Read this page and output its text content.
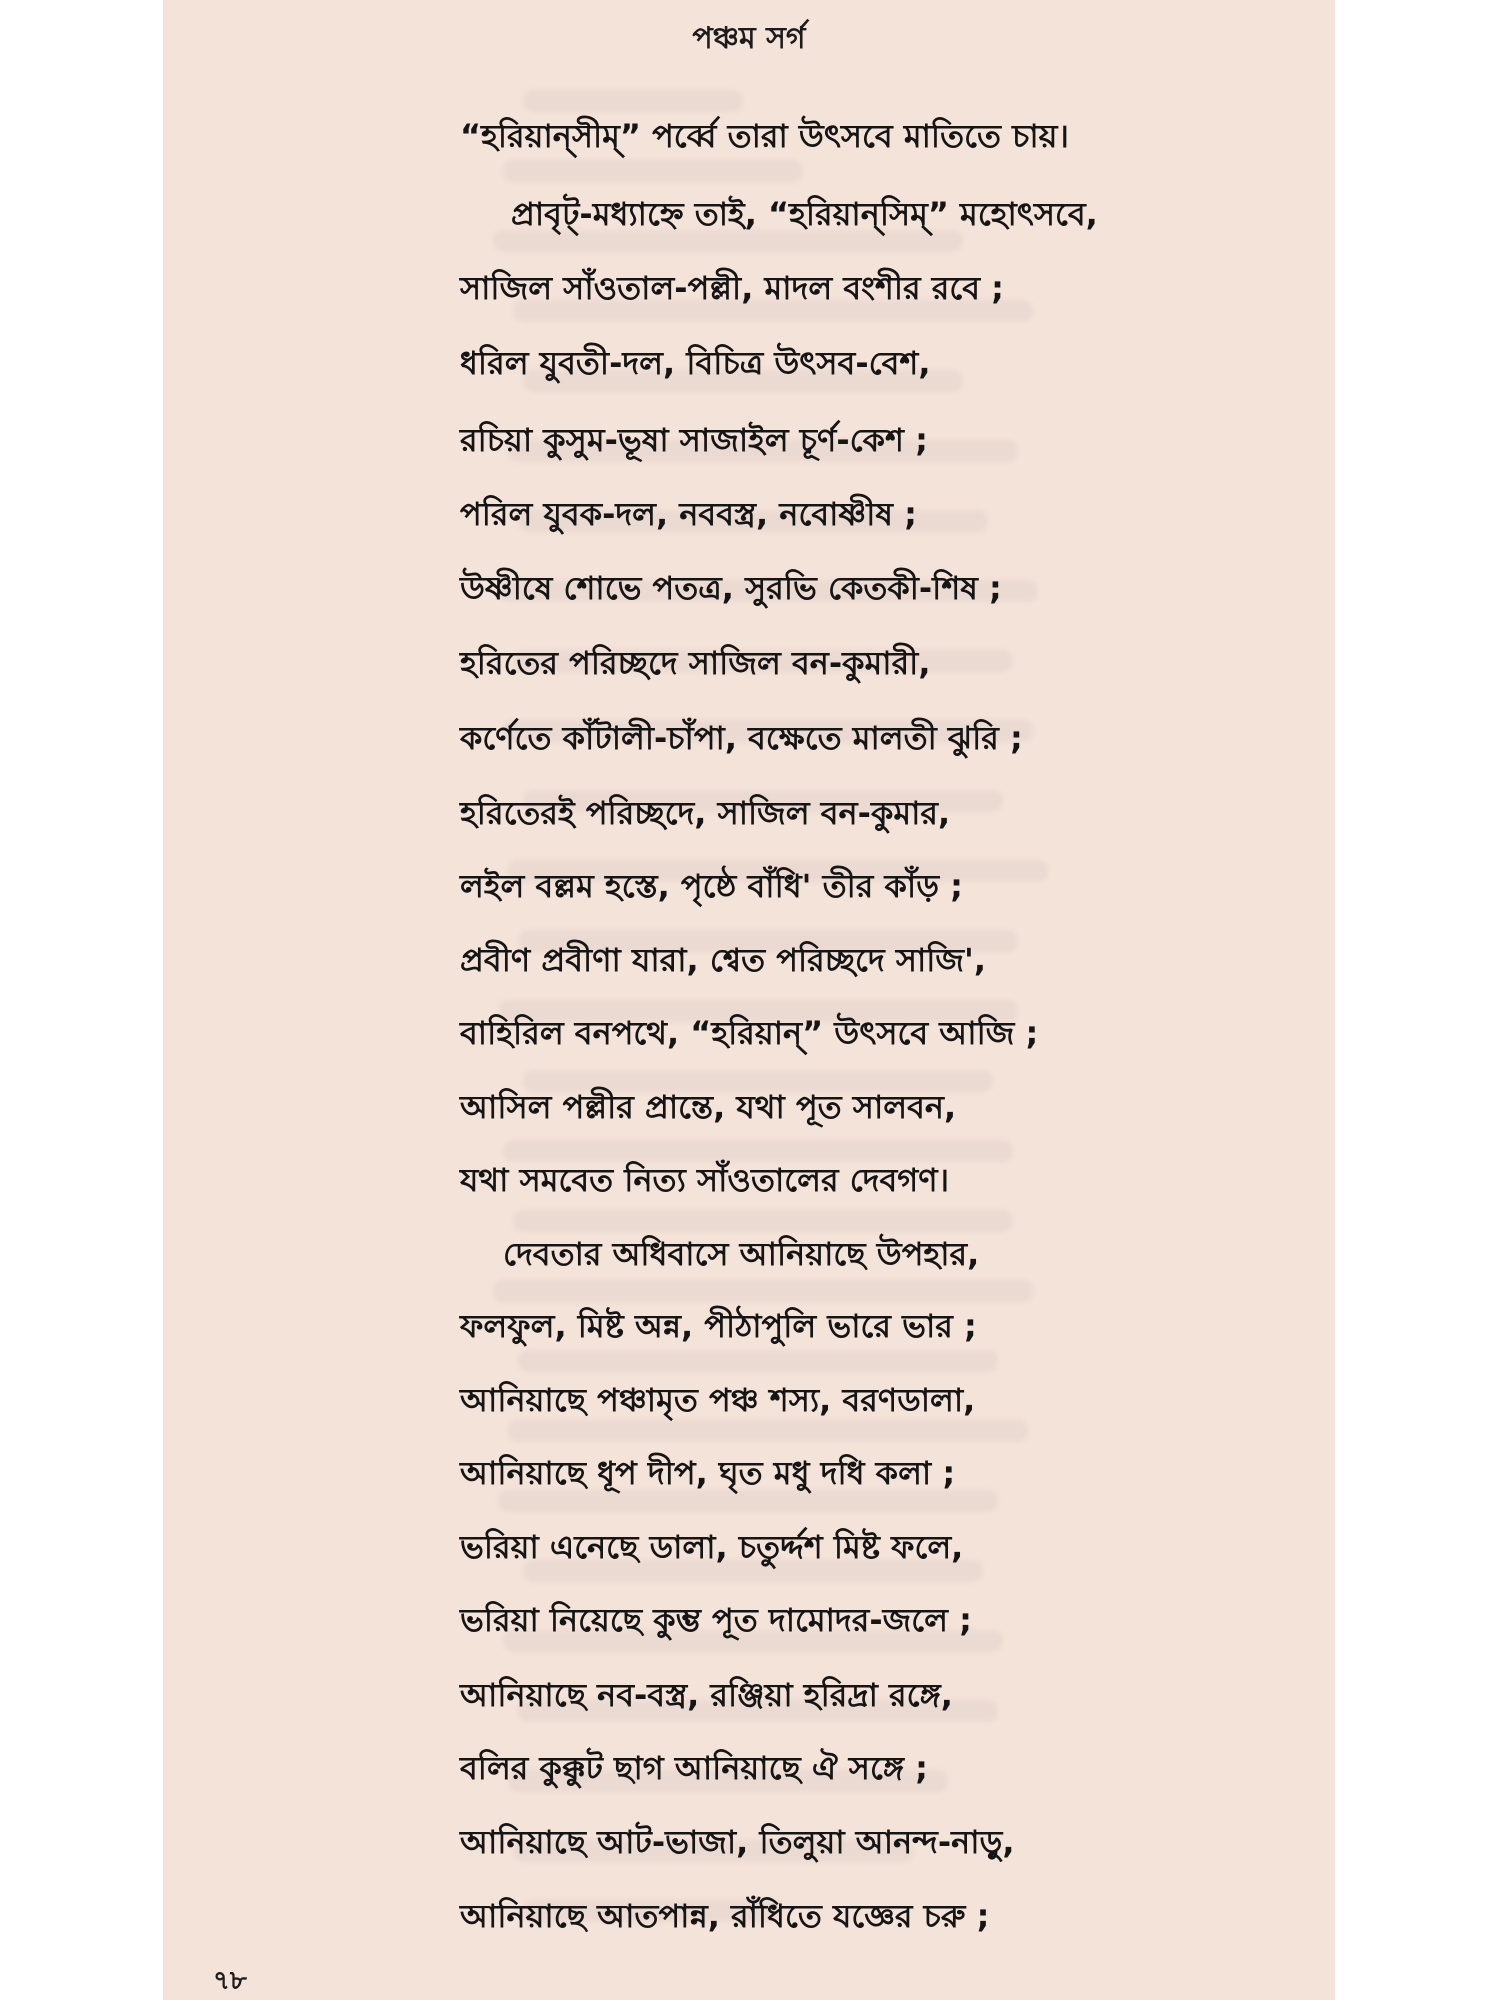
পঞ্চম সর্গ
“হরিয়ান্‌সীম্‌” পর্ব্বে তারা উৎসবে মাতিতে চায়।
প্রাবৃট্‌-মধ্যাহ্নে তাই, “হরিয়ান্‌সিম্‌” মহোৎসবে,
সাজিল সাঁওতাল-পল্লী, মাদল বংশীর রবে ;
ধরিল যুবতী-দল, বিচিত্র উৎসব-বেশ,
রচিয়া কুসুম-ভূষা সাজাইল চূর্ণ-কেশ ;
পরিল যুবক-দল, নববস্ত্র, নবোষ্ণীষ ;
উষ্ণীষে শোভে পতত্র, সুরভি কেতকী-শিষ ;
হরিতের পরিচ্ছদে সাজিল বন-কুমারী,
কর্ণেতে কাঁটালী-চাঁপা, বক্ষেতে মালতী ঝুরি ;
হরিতেরই পরিচ্ছদে, সাজিল বন-কুমার,
লইল বল্লম হস্তে, পৃষ্ঠে বাঁধি' তীর কাঁড় ;
প্রবীণ প্রবীণা যারা, শ্বেত পরিচ্ছদে সাজি',
বাহিরিল বনপথে, “হরিয়ান্‌” উৎসবে আজি ;
আসিল পল্লীর প্রান্তে, যথা পূত সালবন,
যথা সমবেত নিত্য সাঁওতালের দেবগণ।
দেবতার অধিবাসে আনিয়াছে উপহার,
ফলফুল, মিষ্ট অন্ন, পীঠাপুলি ভারে ভার ;
আনিয়াছে পঞ্চামৃত পঞ্চ শস্য, বরণডালা,
আনিয়াছে ধূপ দীপ, ঘৃত মধু দধি কলা ;
ভরিয়া এনেছে ডালা, চতুর্দ্দশ মিষ্ট ফলে,
ভরিয়া নিয়েছে কুম্ভ পূত দামোদর-জলে ;
আনিয়াছে নব-বস্ত্র, রঞ্জিয়া হরিদ্রা রঙ্গে,
বলির কুক্কুট ছাগ আনিয়াছে ঐ সঙ্গে ;
আনিয়াছে আট-ভাজা, তিলুয়া আনন্দ-নাড়ু,
আনিয়াছে আতপান্ন, রাঁধিতে যজ্ঞের চরু ;
৭৮
